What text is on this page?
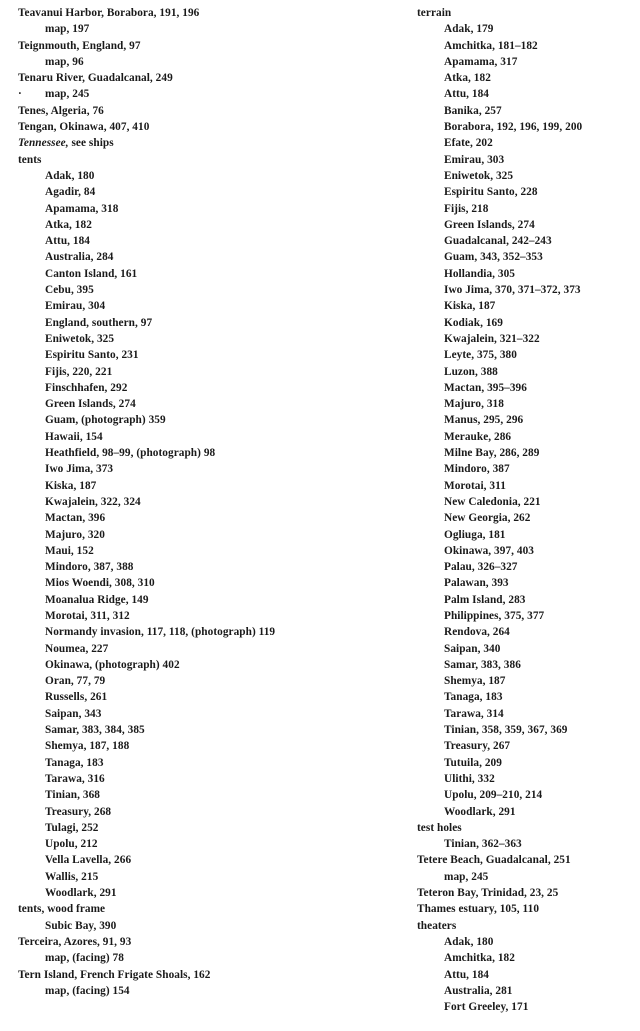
Teavanui Harbor, Borabora, 191, 196
map, 197
Teignmouth, England, 97
map, 96
Tenaru River, Guadalcanal, 249
· map, 245
Tenes, Algeria, 76
Tengan, Okinawa, 407, 410
Tennessee, see ships
tents
Adak, 180
Agadir, 84
Apamama, 318
Atka, 182
Attu, 184
Australia, 284
Canton Island, 161
Cebu, 395
Emirau, 304
England, southern, 97
Eniwetok, 325
Espiritu Santo, 231
Fijis, 220, 221
Finschhafen, 292
Green Islands, 274
Guam, (photograph) 359
Hawaii, 154
Heathfield, 98–99, (photograph) 98
Iwo Jima, 373
Kiska, 187
Kwajalein, 322, 324
Mactan, 396
Majuro, 320
Maui, 152
Mindoro, 387, 388
Mios Woendi, 308, 310
Moanalua Ridge, 149
Morotai, 311, 312
Normandy invasion, 117, 118, (photograph) 119
Noumea, 227
Okinawa, (photograph) 402
Oran, 77, 79
Russells, 261
Saipan, 343
Samar, 383, 384, 385
Shemya, 187, 188
Tanaga, 183
Tarawa, 316
Tinian, 368
Treasury, 268
Tulagi, 252
Upolu, 212
Vella Lavella, 266
Wallis, 215
Woodlark, 291
tents, wood frame
Subic Bay, 390
Terceira, Azores, 91, 93
map, (facing) 78
Tern Island, French Frigate Shoals, 162
map, (facing) 154
terrain
Adak, 179
Amchitka, 181–182
Apamama, 317
Atka, 182
Attu, 184
Banika, 257
Borabora, 192, 196, 199, 200
Efate, 202
Emirau, 303
Eniwetok, 325
Espiritu Santo, 228
Fijis, 218
Green Islands, 274
Guadalcanal, 242–243
Guam, 343, 352–353
Hollandia, 305
Iwo Jima, 370, 371–372, 373
Kiska, 187
Kodiak, 169
Kwajalein, 321–322
Leyte, 375, 380
Luzon, 388
Mactan, 395–396
Majuro, 318
Manus, 295, 296
Merauke, 286
Milne Bay, 286, 289
Mindoro, 387
Morotai, 311
New Caledonia, 221
New Georgia, 262
Ogliuga, 181
Okinawa, 397, 403
Palau, 326–327
Palawan, 393
Palm Island, 283
Philippines, 375, 377
Rendova, 264
Saipan, 340
Samar, 383, 386
Shemya, 187
Tanaga, 183
Tarawa, 314
Tinian, 358, 359, 367, 369
Treasury, 267
Tutuila, 209
Ulithi, 332
Upolu, 209–210, 214
Woodlark, 291
test holes
Tinian, 362–363
Tetere Beach, Guadalcanal, 251
map, 245
Teteron Bay, Trinidad, 23, 25
Thames estuary, 105, 110
theaters
Adak, 180
Amchitka, 182
Attu, 184
Australia, 281
Fort Greeley, 171
